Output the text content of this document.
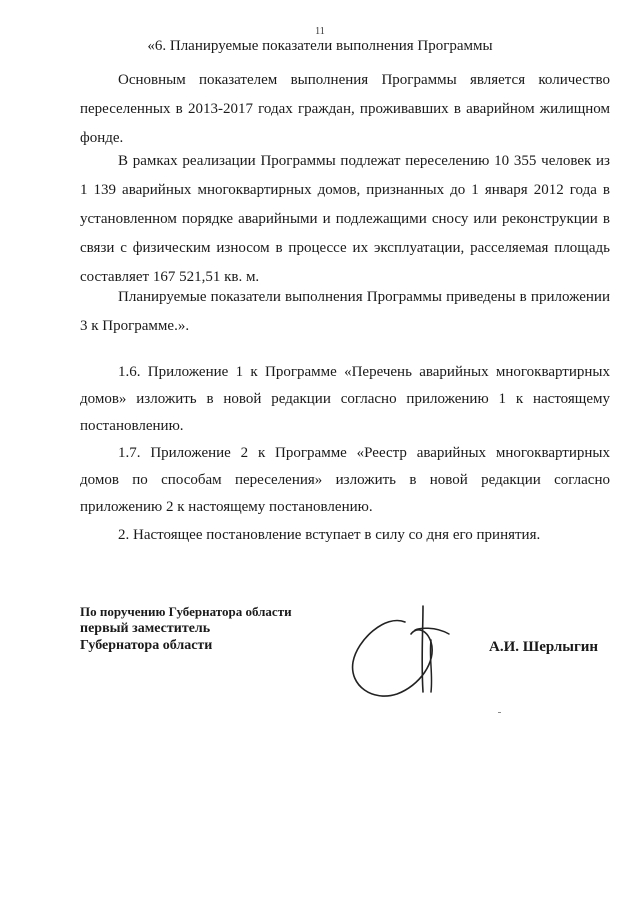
11
«6. Планируемые показатели выполнения Программы

Основным показателем выполнения Программы является количество переселенных в 2013-2017 годах граждан, проживавших в аварийном жилищном фонде.

В рамках реализации Программы подлежат переселению 10 355 человек из 1 139 аварийных многоквартирных домов, признанных до 1 января 2012 года в установленном порядке аварийными и подлежащими сносу или реконструкции в связи с физическим износом в процессе их эксплуатации, расселяемая площадь составляет 167 521,51 кв. м.

Планируемые показатели выполнения Программы приведены в приложении 3 к Программе.».

1.6. Приложение 1 к Программе «Перечень аварийных многоквартирных домов» изложить в новой редакции согласно приложению 1 к настоящему постановлению.

1.7. Приложение 2 к Программе «Реестр аварийных многоквартирных домов по способам переселения» изложить в новой редакции согласно приложению 2 к настоящему постановлению.

2. Настоящее постановление вступает в силу со дня его принятия.

По поручению Губернатора области
первый заместитель
Губернатора области	А.И. Шерлыгин
